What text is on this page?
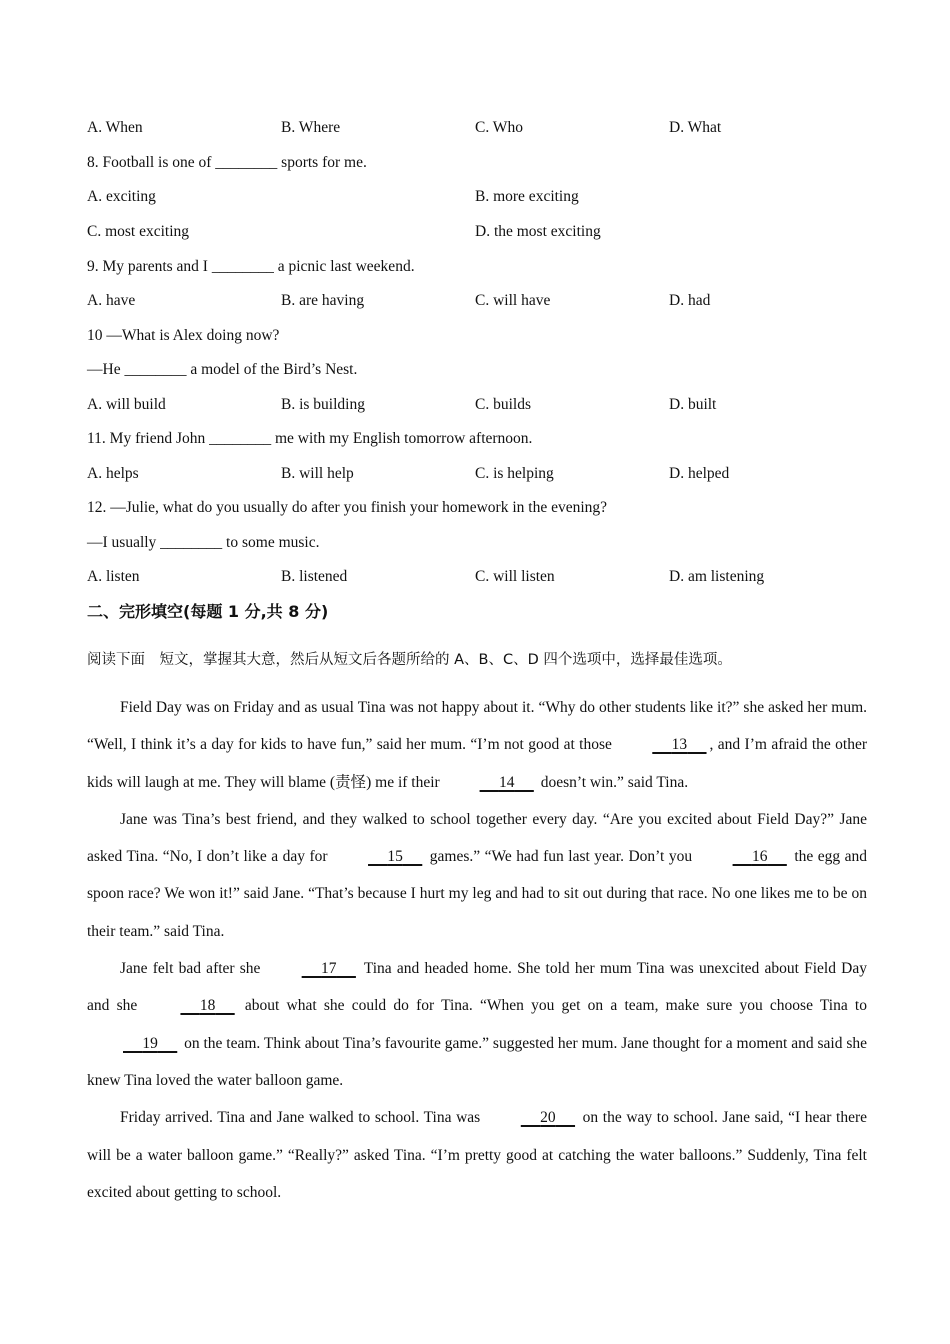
A. When	B. Where	C. Who	D. What
8. Football is one of ________ sports for me.
A. exciting	B. more exciting
C. most exciting	D. the most exciting
9. My parents and I ________ a picnic last weekend.
A. have	B. are having	C. will have	D. had
10 —What is Alex doing now?
—He ________ a model of the Bird’s Nest.
A. will build	B. is building	C. builds	D. built
11. My friend John ________ me with my English tomorrow afternoon.
A. helps	B. will help	C. is helping	D. helped
12. —Julie, what do you usually do after you finish your homework in the evening?
—I usually ________ to some music.
A. listen	B. listened	C. will listen	D. am listening
二、完形填空(每题 1 分,共 8 分)
阅读下面　短文，掌握其大意，然后从短文后各题所给的 A、B、C、D 四个选项中，选择最佳选项。

Field Day was on Friday and as usual Tina was not happy about it. “Why do other students like it?” she asked her mum. “Well, I think it’s a day for kids to have fun,” said her mum. “I’m not good at those	13 , and I’m afraid the other kids will laugh at me. They will blame (责怪) me if their	14 doesn’t win.” said Tina.

Jane was Tina’s best friend, and they walked to school together every day. “Are you excited about Field Day?” Jane asked Tina. “No, I don’t like a day for	15 games.” “We had fun last year. Don’t you	16 the egg and spoon race? We won it!” said Jane. “That’s because I hurt my leg and had to sit out during that race. No one likes me to be on their team.” said Tina.

Jane felt bad after she	17 Tina and headed home. She told her mum Tina was unexcited about Field Day and she	18 about what she could do for Tina. “When you get on a team, make sure you choose Tina to 19 on the team. Think about Tina’s favourite game.” suggested her mum. Jane thought for a moment and said she knew Tina loved the water balloon game.

Friday arrived. Tina and Jane walked to school. Tina was	20 on the way to school. Jane said, “I hear there will be a water balloon game.” “Really?” asked Tina. “I’m pretty good at catching the water balloons.” Suddenly, Tina felt excited about getting to school.
